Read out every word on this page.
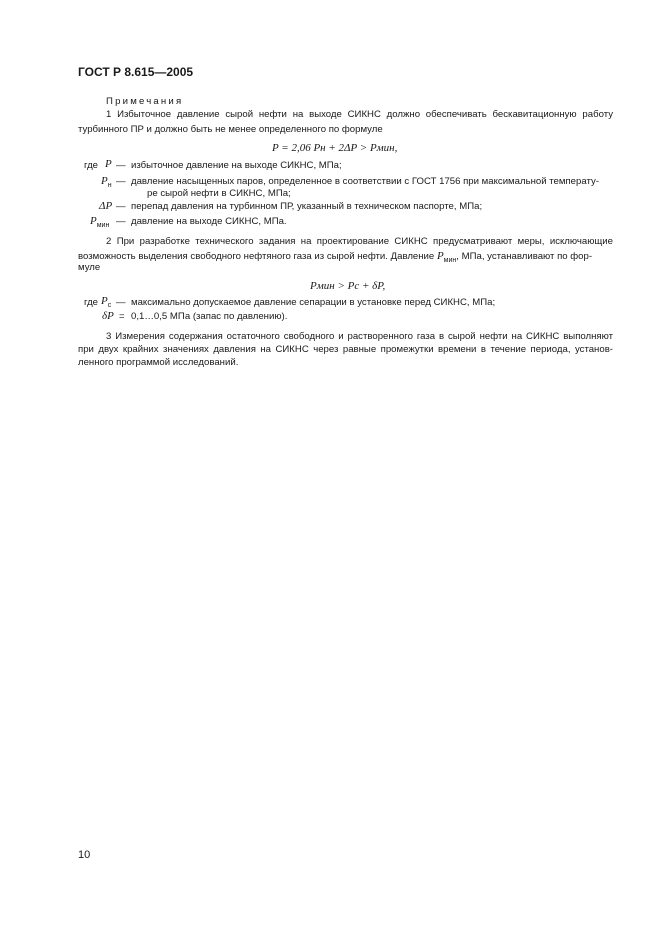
ГОСТ Р 8.615—2005
Примечания
1 Избыточное давление сырой нефти на выходе СИКНС должно обеспечивать бескавитационную работу
турбинного ПР и должно быть не менее определенного по формуле
P = 2,06 Pн + 2ΔP > Pмин,
где P — избыточное давление на выходе СИКНС, МПа;
$P_н$ — давление насыщенных паров, определенное в соответствии с ГОСТ 1756 при максимальной температу-
ре сырой нефти в СИКНС, МПа;
ΔP — перепад давления на турбинном ПР, указанный в техническом паспорте, МПа;
$P_{мин}$ — давление на выходе СИКНС, МПа.
2 При разработке технического задания на проектирование СИКНС предусматривают меры, исключающие
возможность выделения свободного нефтяного газа из сырой нефти. Давление $P_{мин}$, МПа, устанавливают по фор-
муле
Pмин > Pс + δP,
где $P_с$ — максимально допускаемое давление сепарации в установке перед СИКНС, МПа;
δP = 0,1…0,5 МПа (запас по давлению).
3 Измерения содержания остаточного свободного и растворенного газа в сырой нефти на СИКНС выполняют
при двух крайних значениях давления на СИКНС через равные промежутки времени в течение периода, установ-
ленного программой исследований.
10
